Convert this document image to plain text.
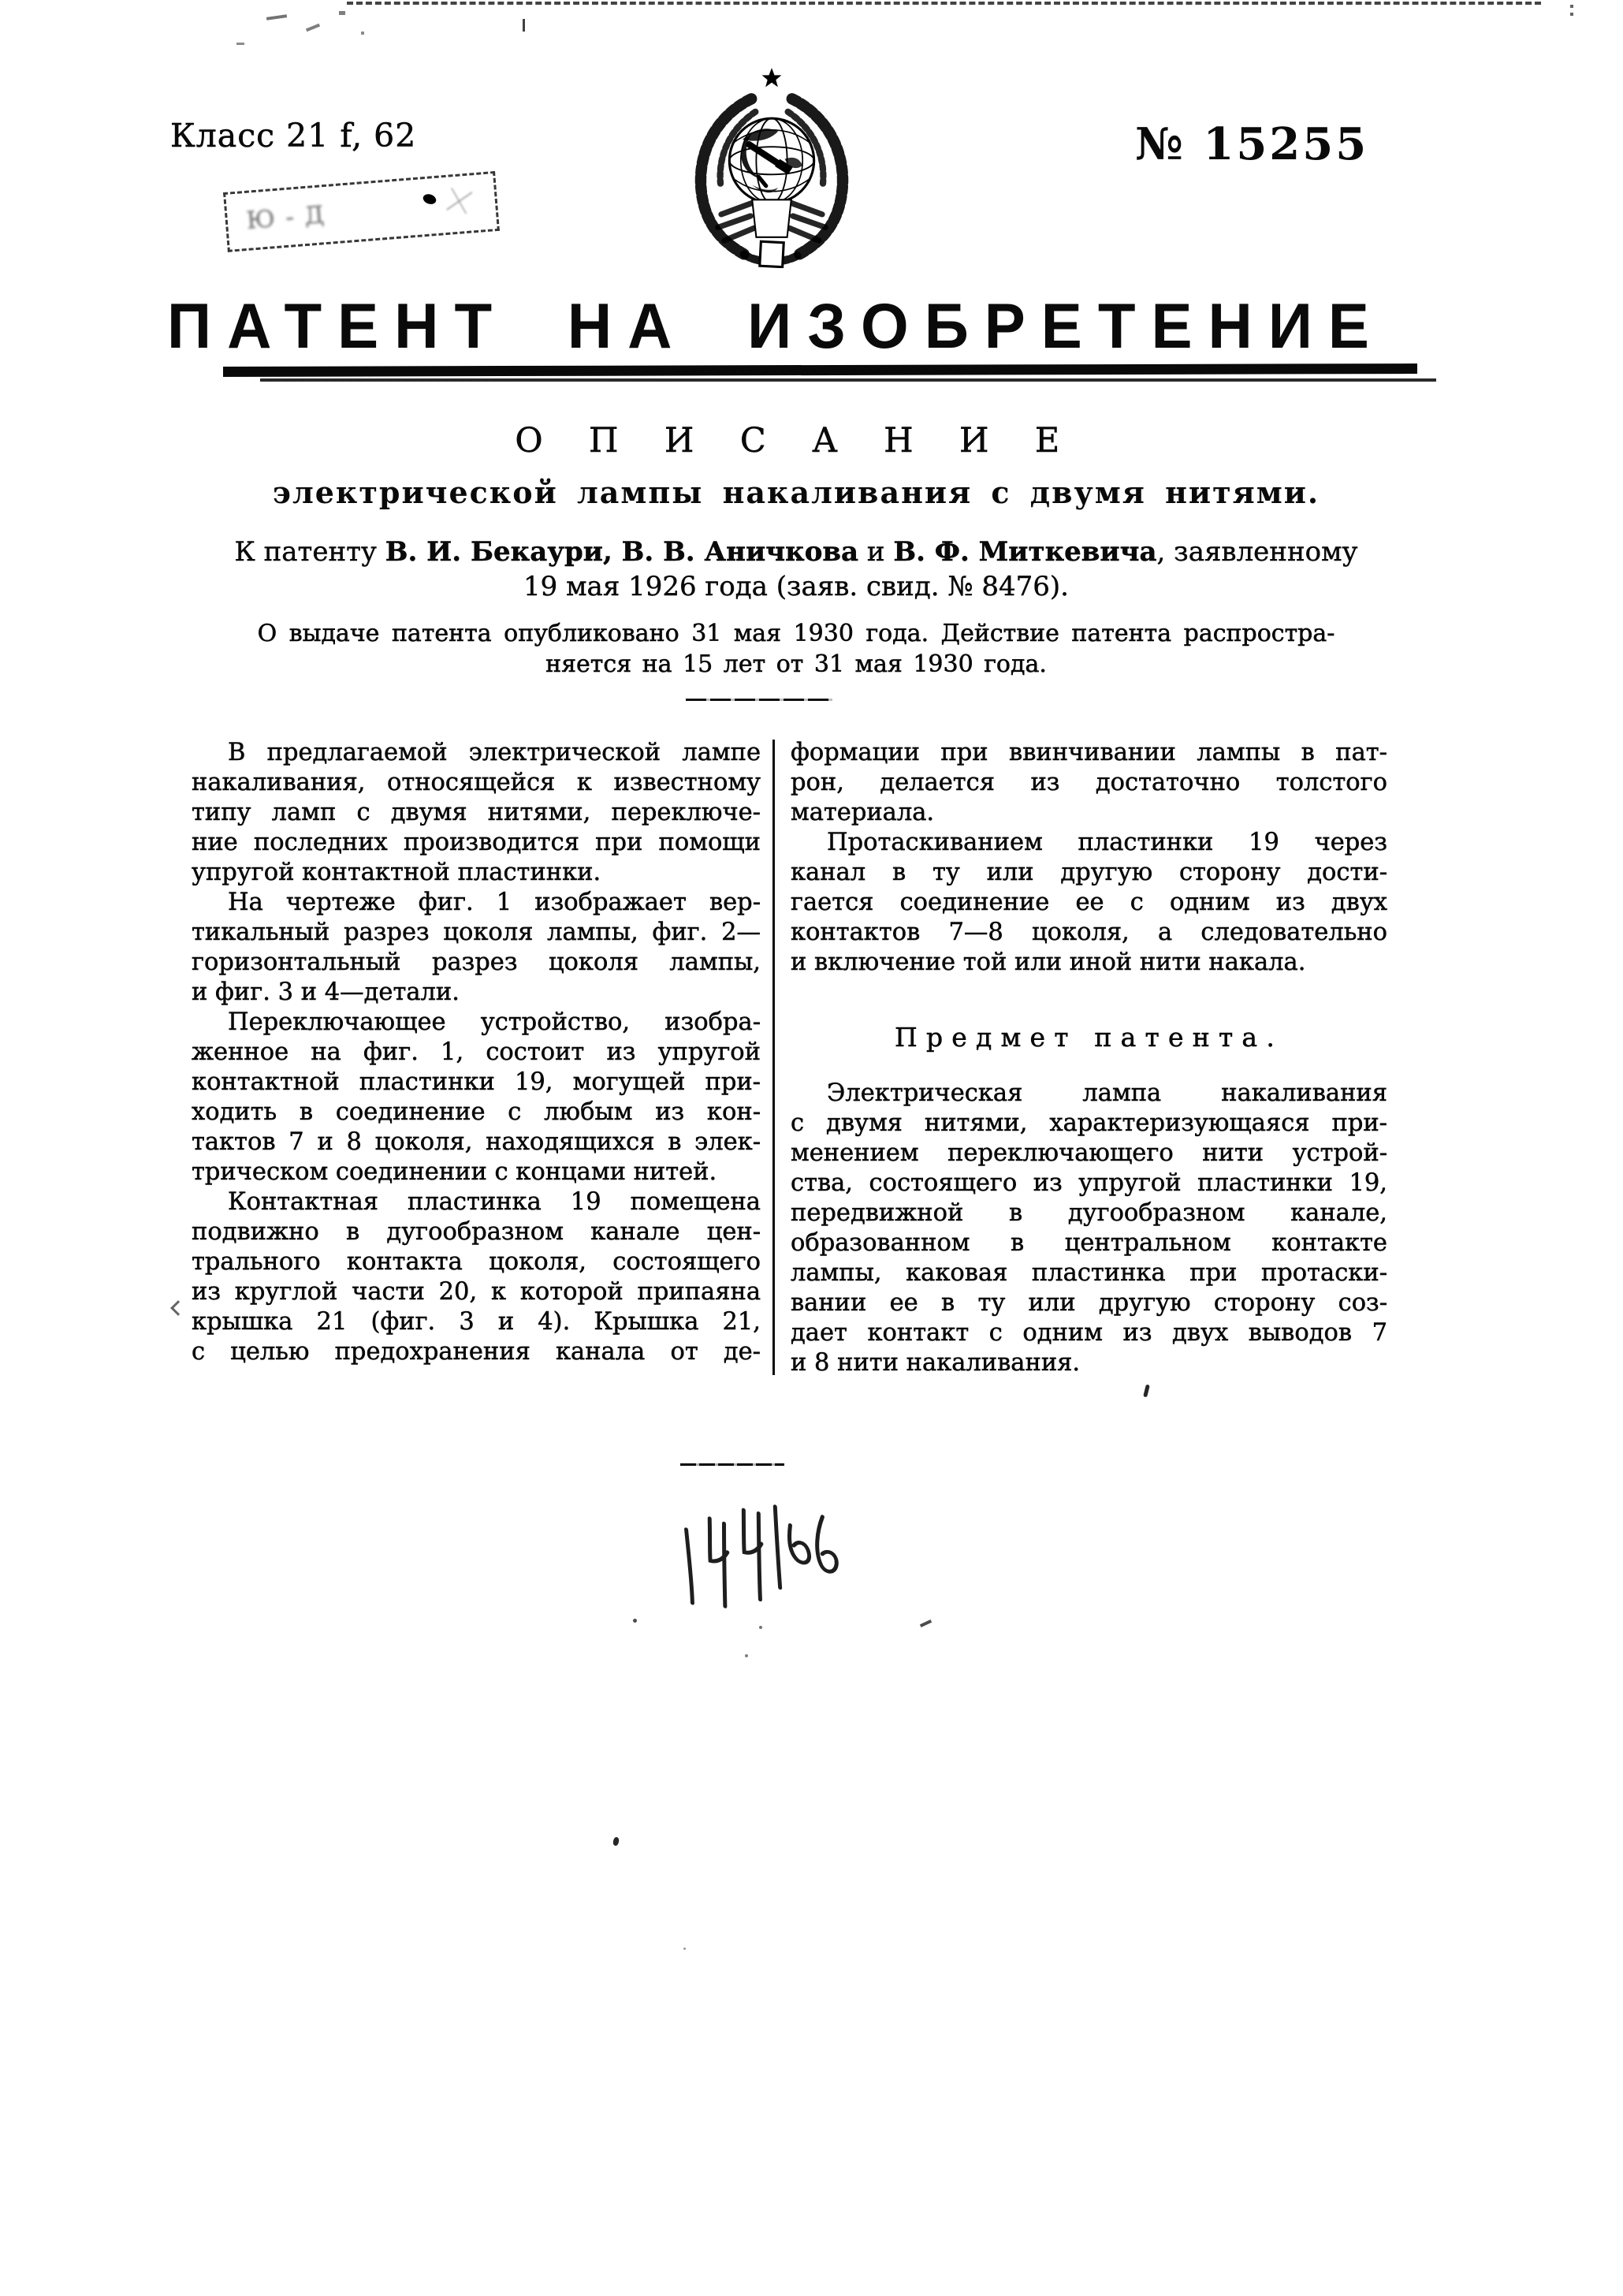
Класс 21 f, 62	№ 15255
Ю-Д
ПАТЕНТ НА ИЗОБРЕТЕНИЕ
О П И С А Н И Е
электрической лампы накаливания с двумя нитями.
К патенту В. И. Бекаури, В. В. Аничкова и В. Ф. Миткевича, заявленному
19 мая 1926 года (заяв. свид. № 8476).
О выдаче патента опубликовано 31 мая 1930 года. Действие патента распростра-
няется на 15 лет от 31 мая 1930 года.
В предлагаемой электрической лампе
накаливания, относящейся к известному
типу ламп с двумя нитями, переключе-
ние последних производится при помощи
упругой контактной пластинки.
На чертеже фиг. 1 изображает вер-
тикальный разрез цоколя лампы, фиг. 2—
горизонтальный разрез цоколя лампы,
и фиг. 3 и 4—детали.
Переключающее устройство, изобра-
женное на фиг. 1, состоит из упругой
контактной пластинки 19, могущей при-
ходить в соединение с любым из кон-
тактов 7 и 8 цоколя, находящихся в элек-
трическом соединении с концами нитей.
Контактная пластинка 19 помещена
подвижно в дугообразном канале цен-
трального контакта цоколя, состоящего
из круглой части 20, к которой припаяна
крышка 21 (фиг. 3 и 4). Крышка 21,
с целью предохранения канала от де-
формации при ввинчивании лампы в пат-
рон, делается из достаточно толстого
материала.
Протаскиванием пластинки 19 через
канал в ту или другую сторону дости-
гается соединение ее с одним из двух
контактов 7—8 цоколя, а следовательно
и включение той или иной нити накала.
Предмет патента.
Электрическая лампа накаливания
с двумя нитями, характеризующаяся при-
менением переключающего нити устрой-
ства, состоящего из упругой пластинки 19,
передвижной в дугообразном канале,
образованном в центральном контакте
лампы, каковая пластинка при протаски-
вании ее в ту или другую сторону соз-
дает контакт с одним из двух выводов 7
и 8 нити накаливания.
